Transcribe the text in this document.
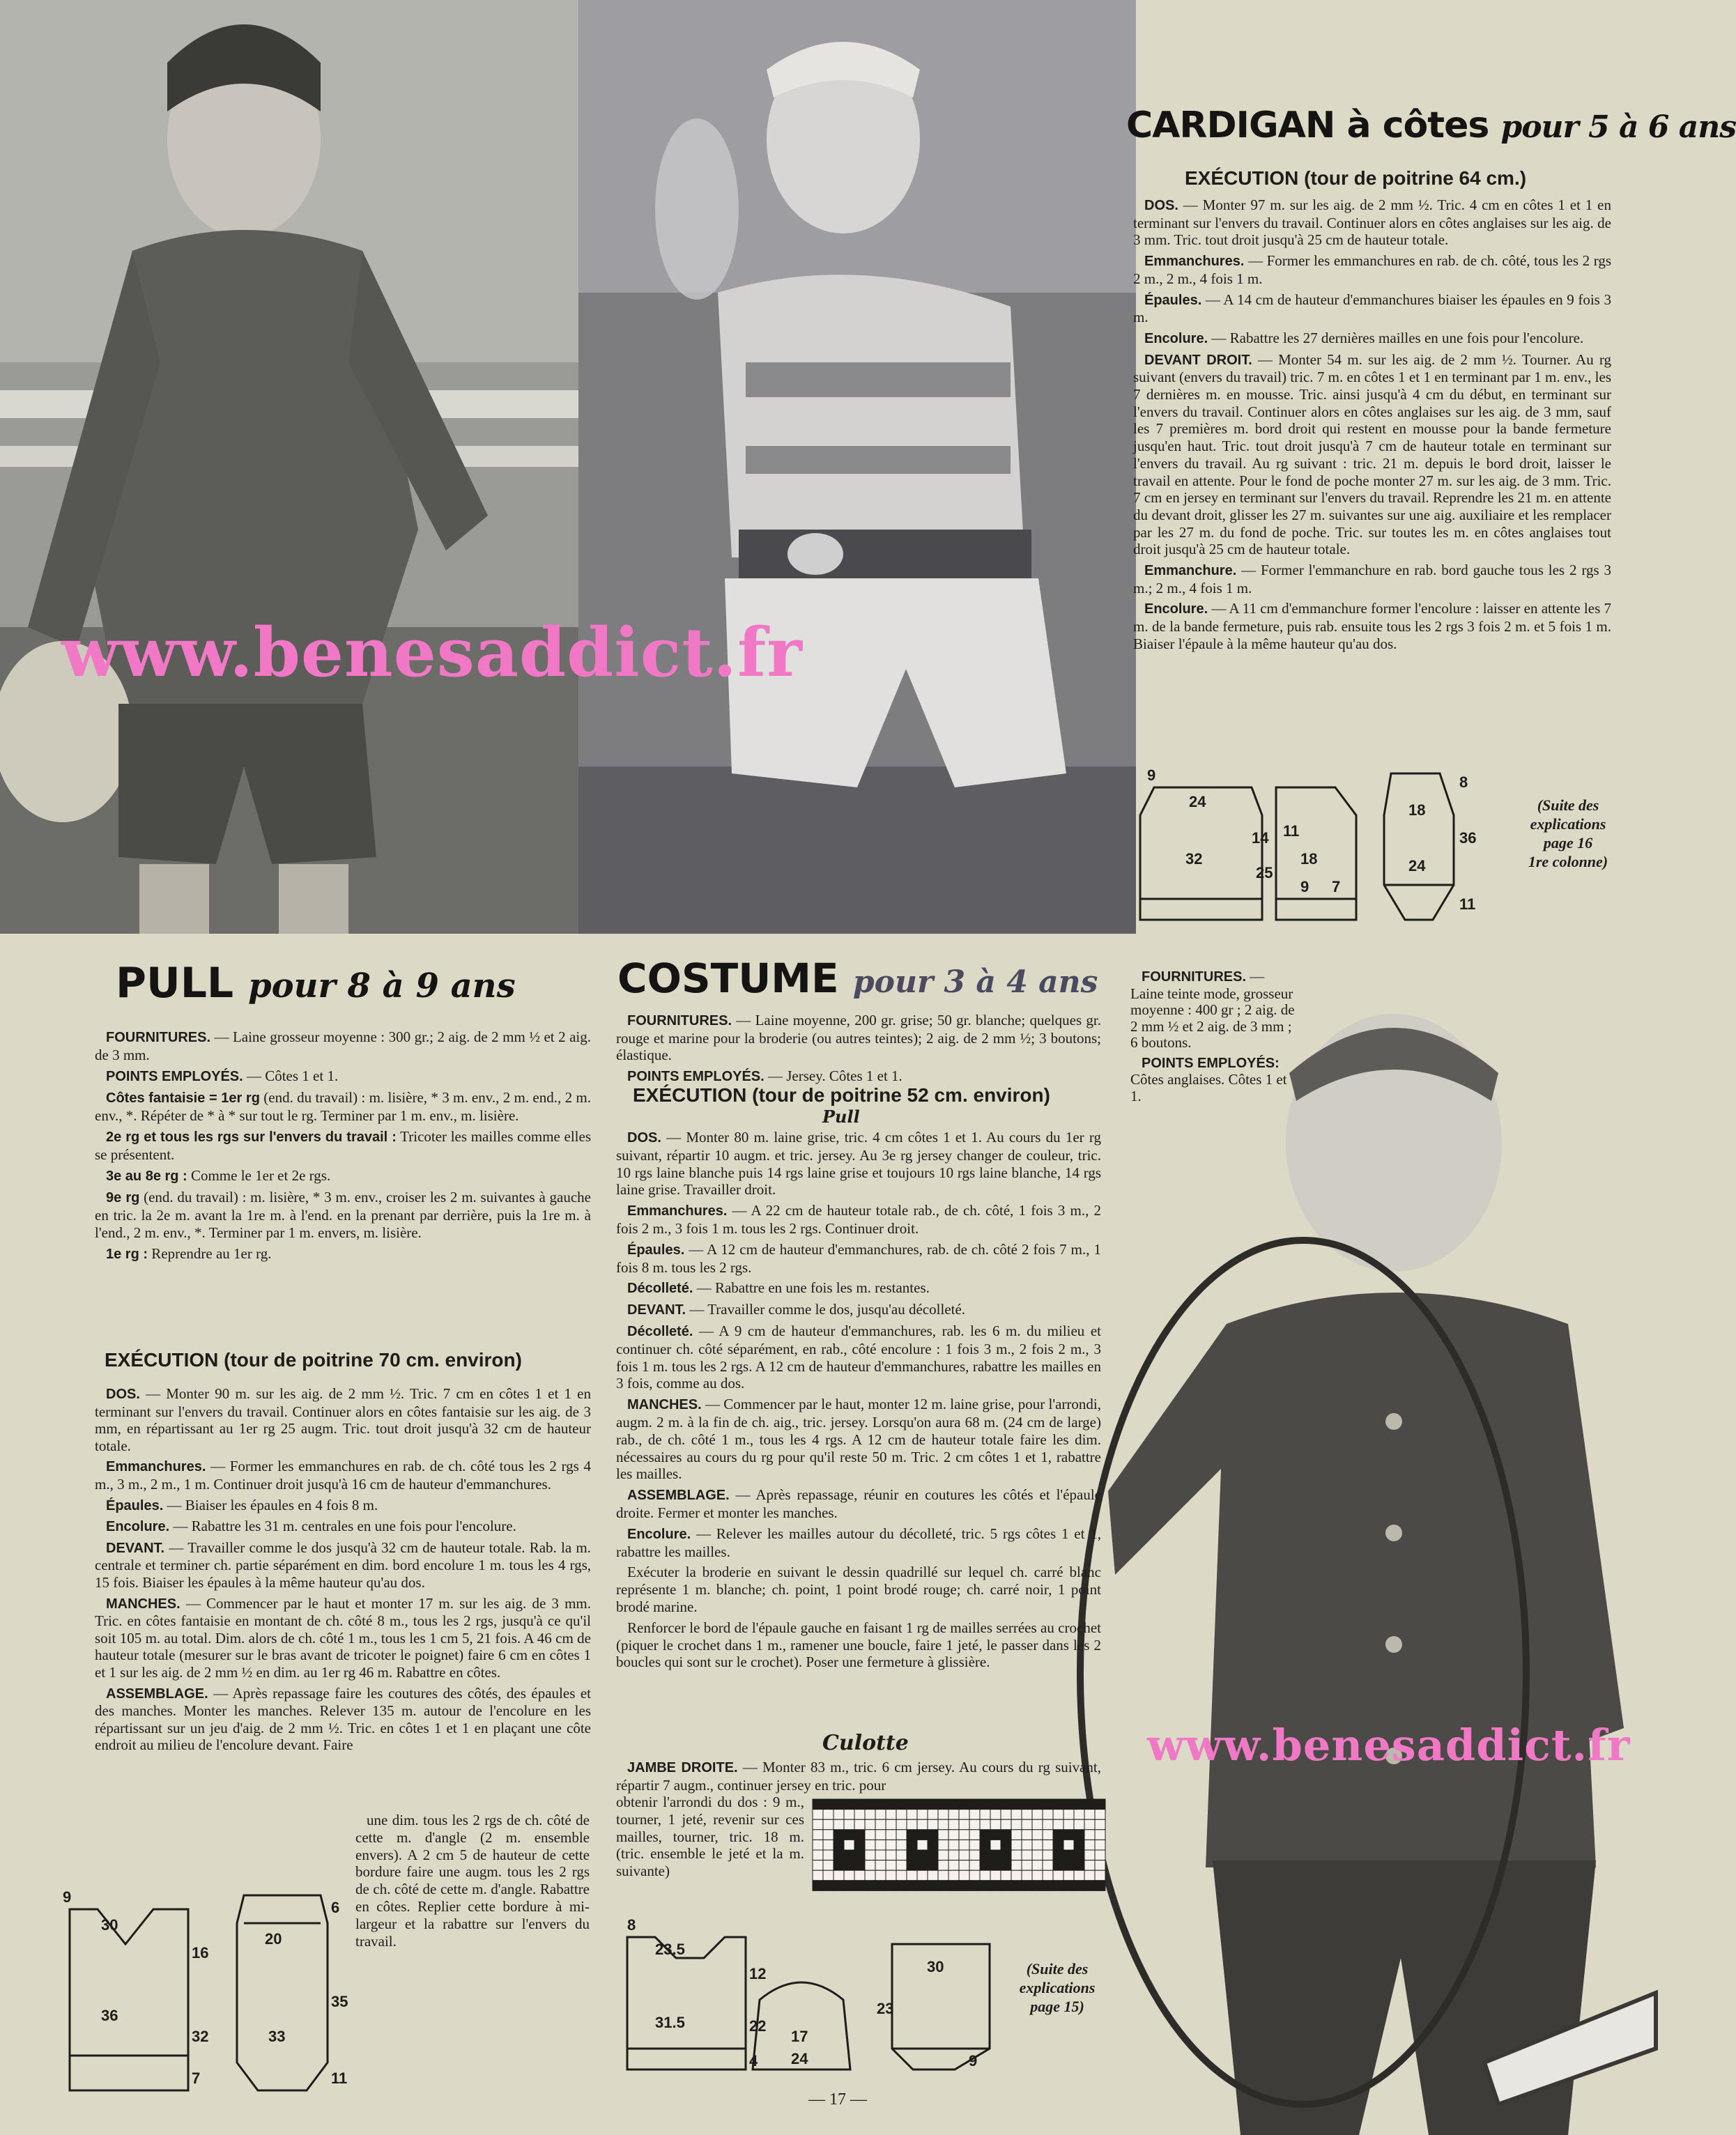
CARDIGAN à côtes pour 5 à 6 ans
EXÉCUTION (tour de poitrine 64 cm.)

DOS. — Monter 97 m. sur les aig. de 2 mm ½. Tric. 4 cm en côtes 1 et 1 en terminant sur l'envers du travail. Continuer alors en côtes anglaises sur les aig. de 3 mm. Tric. tout droit jusqu'à 25 cm de hauteur totale.

Emmanchures. — Former les emmanchures en rab. de ch. côté, tous les 2 rgs 2 m., 2 m., 4 fois 1 m.

Épaules. — A 14 cm de hauteur d'emmanchures biaiser les épaules en 9 fois 3 m.

Encolure. — Rabattre les 27 dernières mailles en une fois pour l'encolure.

DEVANT DROIT. — Monter 54 m. sur les aig. de 2 mm ½. Tourner. Au rg suivant (envers du travail) tric. 7 m. en côtes 1 et 1 en terminant par 1 m. env., les 7 dernières m. en mousse. Tric. ainsi jusqu'à 4 cm du début, en terminant sur l'envers du travail. Continuer alors en côtes anglaises sur les aig. de 3 mm, sauf les 7 premières m. bord droit qui restent en mousse pour la bande fermeture jusqu'en haut. Tric. tout droit jusqu'à 7 cm de hauteur totale en terminant sur l'envers du travail. Au rg suivant : tric. 21 m. depuis le bord droit, laisser le travail en attente. Pour le fond de poche monter 27 m. sur les aig. de 3 mm. Tric. 7 cm en jersey en terminant sur l'envers du travail. Reprendre les 21 m. en attente du devant droit, glisser les 27 m. suivantes sur une aig. auxiliaire et les remplacer par les 27 m. du fond de poche. Tric. sur toutes les m. en côtes anglaises tout droit jusqu'à 25 cm de hauteur totale.

Emmanchure. — Former l'emmanchure en rab. bord gauche tous les 2 rgs 3 m.; 2 m., 4 fois 1 m.

Encolure. — A 11 cm d'emmanchure former l'encolure : laisser en attente les 7 m. de la bande fermeture, puis rab. ensuite tous les 2 rgs 3 fois 2 m. et 5 fois 1 m. Biaiser l'épaule à la même hauteur qu'au dos.

9
24
14 11
32
25
18
9 7
8
18
36
24
11
(Suite des
explications
page 16
1re colonne)
PULL pour 8 à 9 ans

FOURNITURES. — Laine grosseur moyenne : 300 gr.; 2 aig. de 2 mm ½ et 2 aig. de 3 mm.

POINTS EMPLOYÉS. — Côtes 1 et 1.

Côtes fantaisie = 1er rg (end. du travail) : m. lisière, * 3 m. env., 2 m. end., 2 m. env., *. Répéter de * à * sur tout le rg. Terminer par 1 m. env., m. lisière.

2e rg et tous les rgs sur l'envers du travail : Tricoter les mailles comme elles se présentent.

3e au 8e rg : Comme le 1er et 2e rgs.

9e rg (end. du travail) : m. lisière, * 3 m. env., croiser les 2 m. suivantes à gauche en tric. la 2e m. avant la 1re m. à l'end. en la prenant par derrière, puis la 1re m. à l'end., 2 m. env., *. Terminer par 1 m. envers, m. lisière.

1e rg : Reprendre au 1er rg.

EXÉCUTION (tour de poitrine 70 cm. environ)

DOS. — Monter 90 m. sur les aig. de 2 mm ½. Tric. 7 cm en côtes 1 et 1 en terminant sur l'envers du travail. Continuer alors en côtes fantaisie sur les aig. de 3 mm, en répartissant au 1er rg 25 augm. Tric. tout droit jusqu'à 32 cm de hauteur totale.

Emmanchures. — Former les emmanchures en rab. de ch. côté tous les 2 rgs 4 m., 3 m., 2 m., 1 m. Continuer droit jusqu'à 16 cm de hauteur d'emmanchures.

Épaules. — Biaiser les épaules en 4 fois 8 m.

Encolure. — Rabattre les 31 m. centrales en une fois pour l'encolure.

DEVANT. — Travailler comme le dos jusqu'à 32 cm de hauteur totale. Rab. la m. centrale et terminer ch. partie séparément en dim. bord encolure 1 m. tous les 4 rgs, 15 fois. Biaiser les épaules à la même hauteur qu'au dos.

MANCHES. — Commencer par le haut et monter 17 m. sur les aig. de 3 mm. Tric. en côtes fantaisie en montant de ch. côté 8 m., tous les 2 rgs, jusqu'à ce qu'il soit 105 m. au total. Dim. alors de ch. côté 1 m., tous les 1 cm 5, 21 fois. A 46 cm de hauteur totale (mesurer sur le bras avant de tricoter le poignet) faire 6 cm en côtes 1 et 1 sur les aig. de 2 mm ½ en dim. au 1er rg 46 m. Rabattre en côtes.

ASSEMBLAGE. — Après repassage faire les coutures des côtés, des épaules et des manches. Monter les manches. Relever 135 m. autour de l'encolure en les répartissant sur un jeu d'aig. de 2 mm ½. Tric. en côtes 1 et 1 en plaçant une côte endroit au milieu de l'encolure devant. Faire

9
30
16
36
32
7
20
6
35
33
11
une dim. tous les 2 rgs de ch. côté de cette m. d'angle (2 m. ensemble envers). A 2 cm 5 de hauteur de cette bordure faire une augm. tous les 2 rgs de ch. côté de cette m. d'angle. Rabattre en côtes. Replier cette bordure à mi-largeur et la rabattre sur l'envers du travail.
COSTUME pour 3 à 4 ans

FOURNITURES. — Laine moyenne, 200 gr. grise; 50 gr. blanche; quelques gr. rouge et marine pour la broderie (ou autres teintes); 2 aig. de 2 mm ½; 3 boutons; élastique.

POINTS EMPLOYÉS. — Jersey. Côtes 1 et 1.

EXÉCUTION (tour de poitrine 52 cm. environ)
Pull

DOS. — Monter 80 m. laine grise, tric. 4 cm côtes 1 et 1. Au cours du 1er rg suivant, répartir 10 augm. et tric. jersey. Au 3e rg jersey changer de couleur, tric. 10 rgs laine blanche puis 14 rgs laine grise et toujours 10 rgs laine blanche, 14 rgs laine grise. Travailler droit.

Emmanchures. — A 22 cm de hauteur totale rab., de ch. côté, 1 fois 3 m., 2 fois 2 m., 3 fois 1 m. tous les 2 rgs. Continuer droit.

Épaules. — A 12 cm de hauteur d'emmanchures, rab. de ch. côté 2 fois 7 m., 1 fois 8 m. tous les 2 rgs.

Décolleté. — Rabattre en une fois les m. restantes.

DEVANT. — Travailler comme le dos, jusqu'au décolleté.

Décolleté. — A 9 cm de hauteur d'emmanchures, rab. les 6 m. du milieu et continuer ch. côté séparément, en rab., côté encolure : 1 fois 3 m., 2 fois 2 m., 3 fois 1 m. tous les 2 rgs. A 12 cm de hauteur d'emmanchures, rabattre les mailles en 3 fois, comme au dos.

MANCHES. — Commencer par le haut, monter 12 m. laine grise, pour l'arrondi, augm. 2 m. à la fin de ch. aig., tric. jersey. Lorsqu'on aura 68 m. (24 cm de large) rab., de ch. côté 1 m., tous les 4 rgs. A 12 cm de hauteur totale faire les dim. nécessaires au cours du rg pour qu'il reste 50 m. Tric. 2 cm côtes 1 et 1, rabattre les mailles.

ASSEMBLAGE. — Après repassage, réunir en coutures les côtés et l'épaule droite. Fermer et monter les manches.

Encolure. — Relever les mailles autour du décolleté, tric. 5 rgs côtes 1 et 1, rabattre les mailles.

Exécuter la broderie en suivant le dessin quadrillé sur lequel ch. carré blanc représente 1 m. blanche; ch. point, 1 point brodé rouge; ch. carré noir, 1 point brodé marine.

Renforcer le bord de l'épaule gauche en faisant 1 rg de mailles serrées au crochet (piquer le crochet dans 1 m., ramener une boucle, faire 1 jeté, le passer dans les 2 boucles qui sont sur le crochet). Poser une fermeture à glissière.

Culotte

JAMBE DROITE. — Monter 83 m., tric. 6 cm jersey. Au cours du rg suivant, répartir 7 augm., continuer jersey en tric. pour

obtenir l'arrondi du dos : 9 m., tourner, 1 jeté, revenir sur ces mailles, tourner, tric. 18 m. (tric. ensemble le jeté et la m. suivante)
8
23.5
12
31.5	22
4
17
24
23
30
9
(Suite des
explications
page 15)

FOURNITURES. — Laine teinte mode, grosseur moyenne : 400 gr ; 2 aig. de 2 mm ½ et 2 aig. de 3 mm ; 6 boutons.

POINTS EMPLOYÉS: Côtes anglaises. Côtes 1 et 1.

www.benesaddict.fr
www.benesaddict.fr
— 17 —
